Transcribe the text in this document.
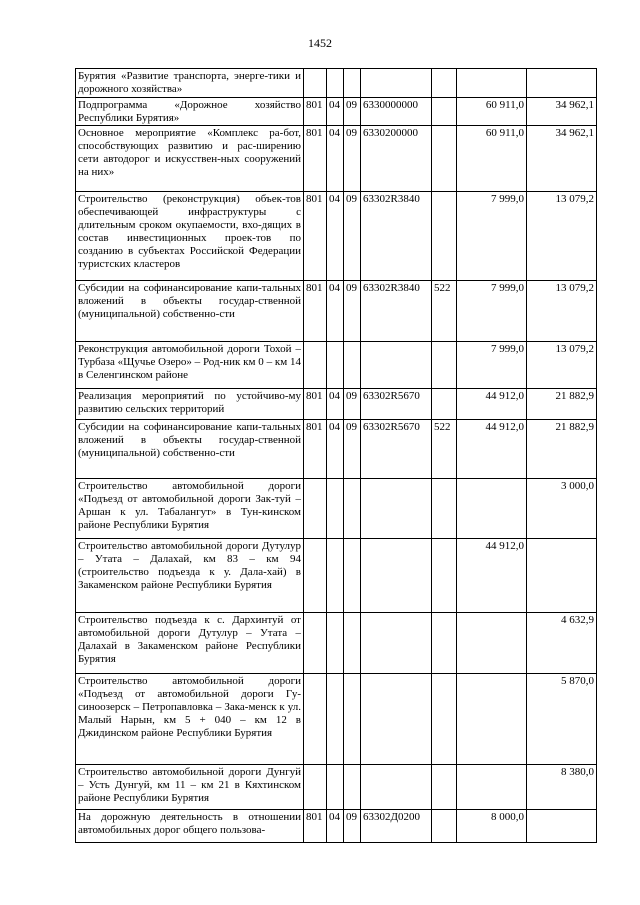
1452
Бурятия «Развитие транспорта, энерге-тики и дорожного хозяйства»							
Подпрограмма «Дорожное хозяйство Республики Бурятия»	801	04	09	6330000000		60 911,0	34 962,1
Основное мероприятие «Комплекс ра-бот, способствующих развитию и рас-ширению сети автодорог и искусствен-ных сооружений на них»	801	04	09	6330200000		60 911,0	34 962,1
Строительство (реконструкция) объек-тов обеспечивающей инфраструктуры с длительным сроком окупаемости, вхо-дящих в состав инвестиционных проек-тов по созданию в субъектах Российской Федерации туристских кластеров	801	04	09	63302R3840		7 999,0	13 079,2
Субсидии на софинансирование капи-тальных вложений в объекты государ-ственной (муниципальной) собственно-сти	801	04	09	63302R3840	522	7 999,0	13 079,2
Реконструкция автомобильной дороги Тохой – Турбаза «Щучье Озеро» – Род-ник км 0 – км 14 в Селенгинском районе						7 999,0	13 079,2
Реализация мероприятий по устойчиво-му развитию сельских территорий	801	04	09	63302R5670		44 912,0	21 882,9
Субсидии на софинансирование капи-тальных вложений в объекты государ-ственной (муниципальной) собственно-сти	801	04	09	63302R5670	522	44 912,0	21 882,9
Строительство автомобильной дороги «Подъезд от автомобильной дороги Зак-туй – Аршан к ул. Табалангут» в Тун-кинском районе Республики Бурятия							3 000,0
Строительство автомобильной дороги Дутулур – Утата – Далахай, км 83 – км 94 (строительство подъезда к у. Дала-хай) в Закаменском районе Республики Бурятия						44 912,0	
Строительство подъезда к с. Дархинтуй от автомобильной дороги Дутулур – Утата – Далахай в Закаменском районе Республики Бурятия							4 632,9
Строительство автомобильной дороги «Подъезд от автомобильной дороги Гу-синоозерск – Петропавловка – Зака-менск к ул. Малый Нарын, км 5 + 040 – км 12 в Джидинском районе Республики Бурятия							5 870,0
Строительство автомобильной дороги Дунгуй – Усть Дунгуй, км 11 – км 21 в Кяхтинском районе Республики Бурятия							8 380,0
На дорожную деятельность в отношении автомобильных дорог общего пользова-	801	04	09	63302Д0200		8 000,0	
